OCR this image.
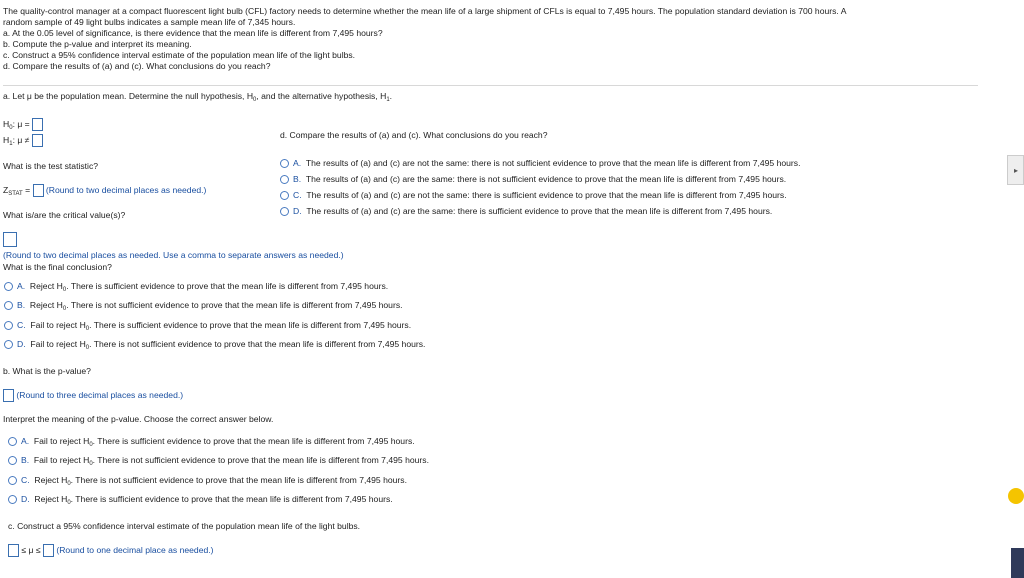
The quality-control manager at a compact fluorescent light bulb (CFL) factory needs to determine whether the mean life of a large shipment of CFLs is equal to 7,495 hours. The population standard deviation is 700 hours. A
random sample of 49 light bulbs indicates a sample mean life of 7,345 hours.
a. At the 0.05 level of significance, is there evidence that the mean life is different from 7,495 hours?
b. Compute the p-value and interpret its meaning.
c. Construct a 95% confidence interval estimate of the population mean life of the light bulbs.
d. Compare the results of (a) and (c). What conclusions do you reach?
a. Let μ be the population mean. Determine the null hypothesis, $H_0$, and the alternative hypothesis, $H_1$.
$H_0$: μ =
$H_1$: μ ≠
What is the test statistic?
$Z_{STAT}$ = (Round to two decimal places as needed.)
What is/are the critical value(s)?
(Round to two decimal places as needed. Use a comma to separate answers as needed.)
What is the final conclusion?
A. Reject $H_0$. There is sufficient evidence to prove that the mean life is different from 7,495 hours.
B. Reject $H_0$. There is not sufficient evidence to prove that the mean life is different from 7,495 hours.
C. Fail to reject $H_0$. There is sufficient evidence to prove that the mean life is different from 7,495 hours.
D. Fail to reject $H_0$. There is not sufficient evidence to prove that the mean life is different from 7,495 hours.
b. What is the p-value?
(Round to three decimal places as needed.)
Interpret the meaning of the p-value. Choose the correct answer below.
A. Fail to reject $H_0$. There is sufficient evidence to prove that the mean life is different from 7,495 hours.
B. Fail to reject $H_0$. There is not sufficient evidence to prove that the mean life is different from 7,495 hours.
C. Reject $H_0$. There is not sufficient evidence to prove that the mean life is different from 7,495 hours.
D. Reject $H_0$. There is sufficient evidence to prove that the mean life is different from 7,495 hours.
c. Construct a 95% confidence interval estimate of the population mean life of the light bulbs.
≤ μ ≤ (Round to one decimal place as needed.)
d. Compare the results of (a) and (c). What conclusions do you reach?
A. The results of (a) and (c) are not the same: there is not sufficient evidence to prove that the mean life is different from 7,495 hours.
B. The results of (a) and (c) are the same: there is not sufficient evidence to prove that the mean life is different from 7,495 hours.
C. The results of (a) and (c) are not the same: there is sufficient evidence to prove that the mean life is different from 7,495 hours.
D. The results of (a) and (c) are the same: there is sufficient evidence to prove that the mean life is different from 7,495 hours.
▸
